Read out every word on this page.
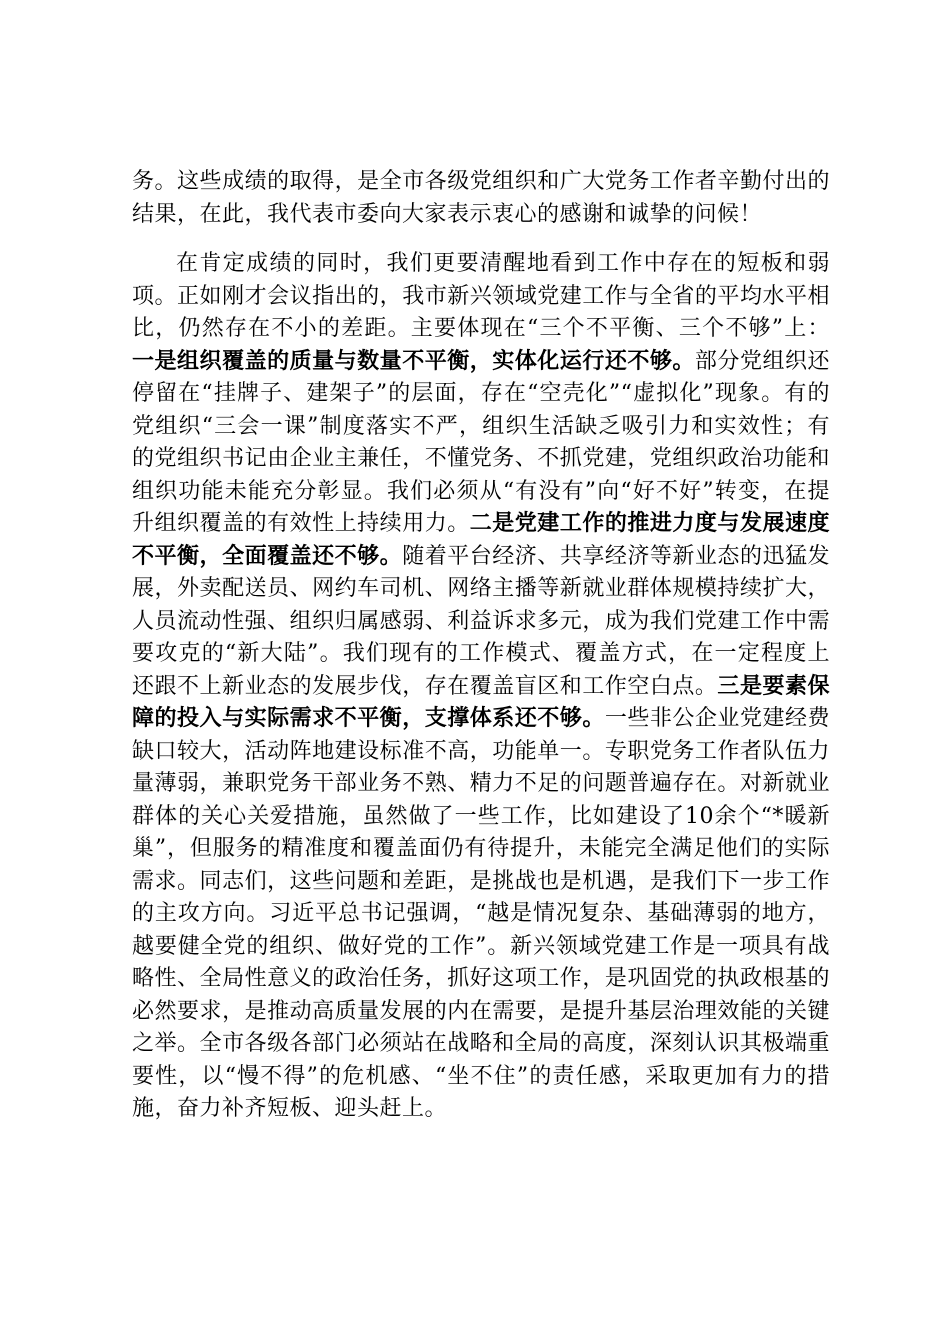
务。这些成绩的取得，是全市各级党组织和广大党务工作者辛勤付出的结果，在此，我代表市委向大家表示衷心的感谢和诚挚的问候！

在肯定成绩的同时，我们更要清醒地看到工作中存在的短板和弱项。正如刚才会议指出的，我市新兴领域党建工作与全省的平均水平相比，仍然存在不小的差距。主要体现在“三个不平衡、三个不够”上：一是组织覆盖的质量与数量不平衡，实体化运行还不够。部分党组织还停留在“挂牌子、建架子”的层面，存在“空壳化”“虚拟化”现象。有的党组织“三会一课”制度落实不严，组织生活缺乏吸引力和实效性；有的党组织书记由企业主兼任，不懂党务、不抓党建，党组织政治功能和组织功能未能充分彰显。我们必须从“有没有”向“好不好”转变，在提升组织覆盖的有效性上持续用力。二是党建工作的推进力度与发展速度不平衡，全面覆盖还不够。随着平台经济、共享经济等新业态的迅猛发展，外卖配送员、网约车司机、网络主播等新就业群体规模持续扩大，人员流动性强、组织归属感弱、利益诉求多元，成为我们党建工作中需要攻克的“新大陆”。我们现有的工作模式、覆盖方式，在一定程度上还跟不上新业态的发展步伐，存在覆盖盲区和工作空白点。三是要素保障的投入与实际需求不平衡，支撑体系还不够。一些非公企业党建经费缺口较大，活动阵地建设标准不高，功能单一。专职党务工作者队伍力量薄弱，兼职党务干部业务不熟、精力不足的问题普遍存在。对新就业群体的关心关爱措施，虽然做了一些工作，比如建设了10余个“*暖新巢”，但服务的精准度和覆盖面仍有待提升，未能完全满足他们的实际需求。同志们，这些问题和差距，是挑战也是机遇，是我们下一步工作的主攻方向。习近平总书记强调，“越是情况复杂、基础薄弱的地方，越要健全党的组织、做好党的工作”。新兴领域党建工作是一项具有战略性、全局性意义的政治任务，抓好这项工作，是巩固党的执政根基的必然要求，是推动高质量发展的内在需要，是提升基层治理效能的关键之举。全市各级各部门必须站在战略和全局的高度，深刻认识其极端重要性，以“慢不得”的危机感、“坐不住”的责任感，采取更加有力的措施，奋力补齐短板、迎头赶上。
